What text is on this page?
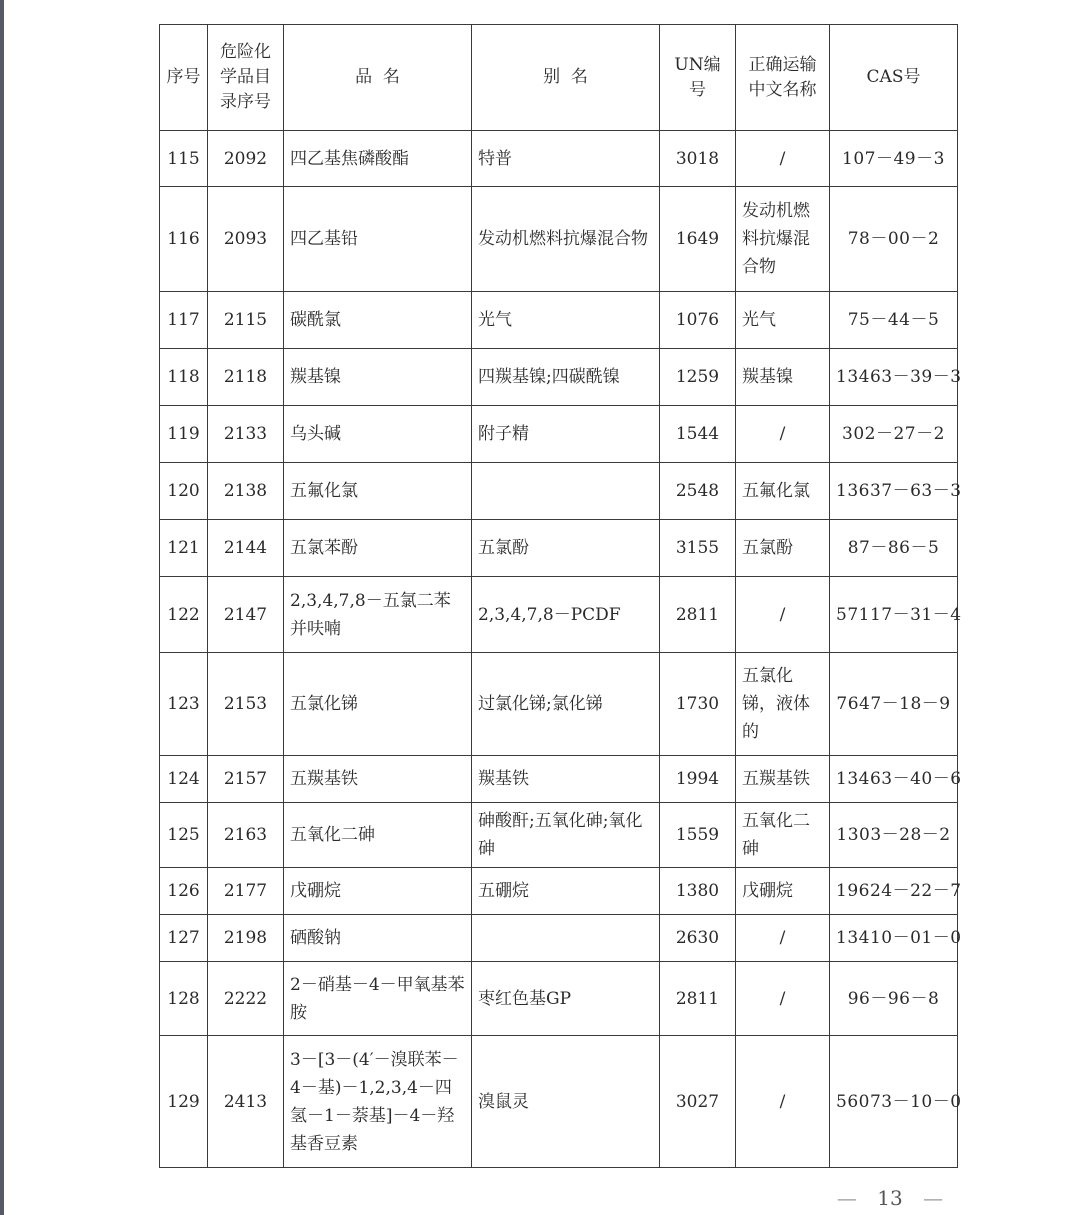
序号	危险化学品目录序号	品  名	别  名	UN编号	正确运输中文名称	CAS号
115	2092	四乙基焦磷酸酯	特普	3018	/	107－49－3
116	2093	四乙基铅	发动机燃料抗爆混合物	1649	发动机燃料抗爆混合物	78－00－2
117	2115	碳酰氯	光气	1076	光气	75－44－5
118	2118	羰基镍	四羰基镍;四碳酰镍	1259	羰基镍	13463－39－3
119	2133	乌头碱	附子精	1544	/	302－27－2
120	2138	五氟化氯		2548	五氟化氯	13637－63－3
121	2144	五氯苯酚	五氯酚	3155	五氯酚	87－86－5
122	2147	2,3,4,7,8－五氯二苯并呋喃	2,3,4,7,8－PCDF	2811	/	57117－31－4
123	2153	五氯化锑	过氯化锑;氯化锑	1730	五氯化锑，液体的	7647－18－9
124	2157	五羰基铁	羰基铁	1994	五羰基铁	13463－40－6
125	2163	五氧化二砷	砷酸酐;五氧化砷;氧化砷	1559	五氧化二砷	1303－28－2
126	2177	戊硼烷	五硼烷	1380	戊硼烷	19624－22－7
127	2198	硒酸钠		2630	/	13410－01－0
128	2222	2－硝基－4－甲氧基苯胺	枣红色基GP	2811	/	96－96－8
129	2413	3－[3－(4′－溴联苯－4－基)－1,2,3,4－四氢－1－萘基]－4－羟基香豆素	溴鼠灵	3027	/	56073－10－0
— 13 —
